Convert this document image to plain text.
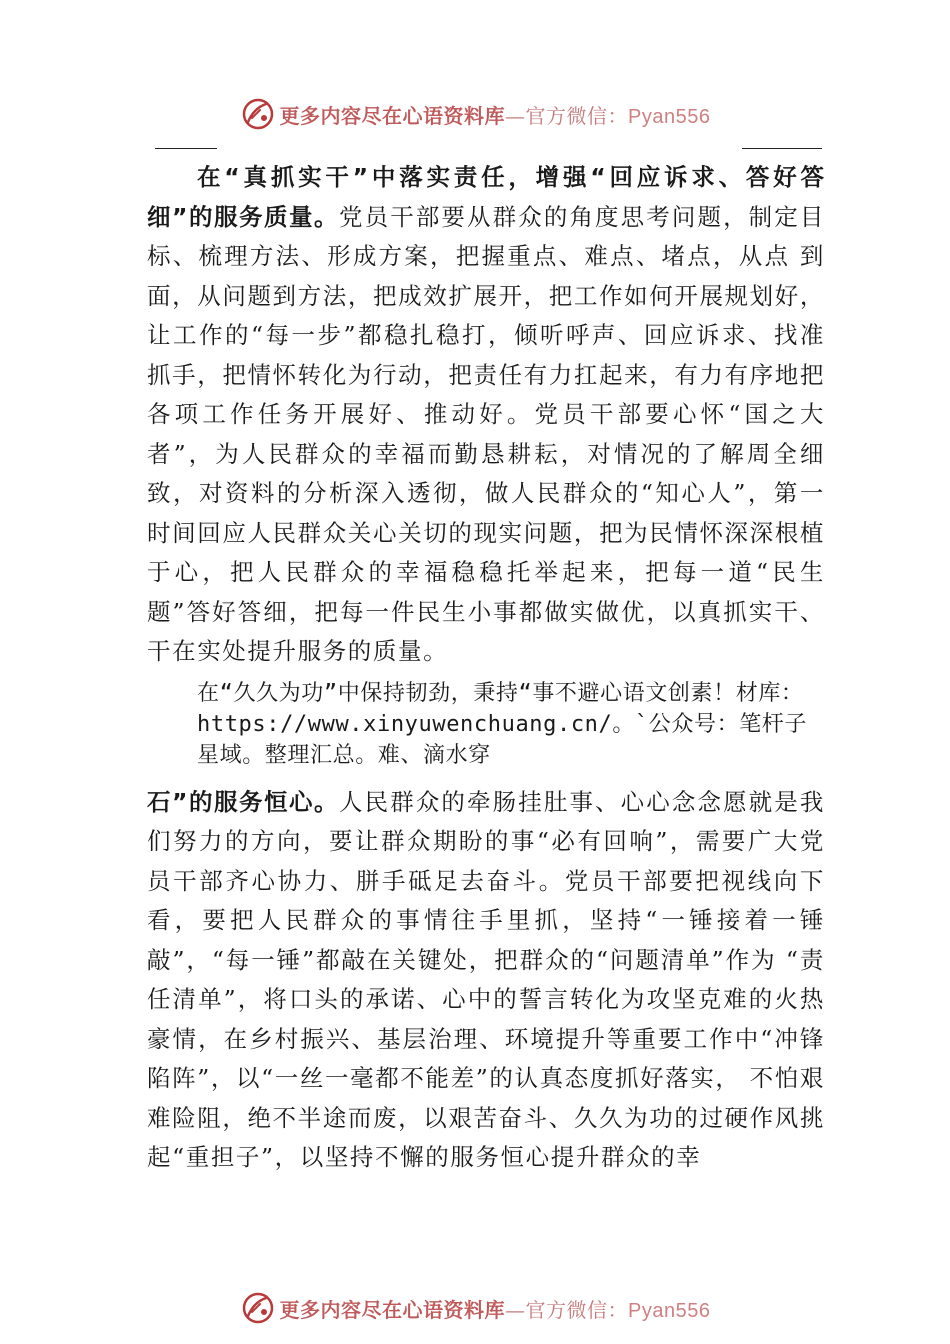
更多内容尽在心语资料库—官方微信：Pyan556

在“真抓实干”中落实责任，增强“回应诉求、答好答细”的服务质量。党员干部要从群众的角度思考问题，制定目标、梳理方法、形成方案，把握重点、难点、堵点，从点 到面，从问题到方法，把成效扩展开，把工作如何开展规划好，让工作的“每一步”都稳扎稳打，倾听呼声、回应诉求、找准抓手，把情怀转化为行动，把责任有力扛起来，有力有序地把各项工作任务开展好、推动好。党员干部要心怀“国之大者”，为人民群众的幸福而勤恳耕耘，对情况的了解周全细致，对资料的分析深入透彻，做人民群众的“知心人”，第一时间回应人民群众关心关切的现实问题，把为民情怀深深根植于心，把人民群众的幸福稳稳托举起来，把每一道“民生题”答好答细，把每一件民生小事都做实做优，以真抓实干、干在实处提升服务的质量。

在“久久为功”中保持韧劲，秉持“事不避心语文创素！材库：https://www.xinyuwenchuang.cn/。`公众号：笔杆子星域。整理汇总。难、滴水穿

石”的服务恒心。人民群众的牵肠挂肚事、心心念念愿就是我们努力的方向，要让群众期盼的事“必有回响”，需要广大党员干部齐心协力、胼手砥足去奋斗。党员干部要把视线向下看，要把人民群众的事情往手里抓，坚持“一锤接着一锤敲”，“每一锤”都敲在关键处，把群众的“问题清单”作为 “责任清单”，将口头的承诺、心中的誓言转化为攻坚克难的火热豪情，在乡村振兴、基层治理、环境提升等重要工作中“冲锋陷阵”，以“一丝一毫都不能差”的认真态度抓好落实， 不怕艰难险阻，绝不半途而废，以艰苦奋斗、久久为功的过硬作风挑起“重担子”，以坚持不懈的服务恒心提升群众的幸

更多内容尽在心语资料库—官方微信：Pyan556
